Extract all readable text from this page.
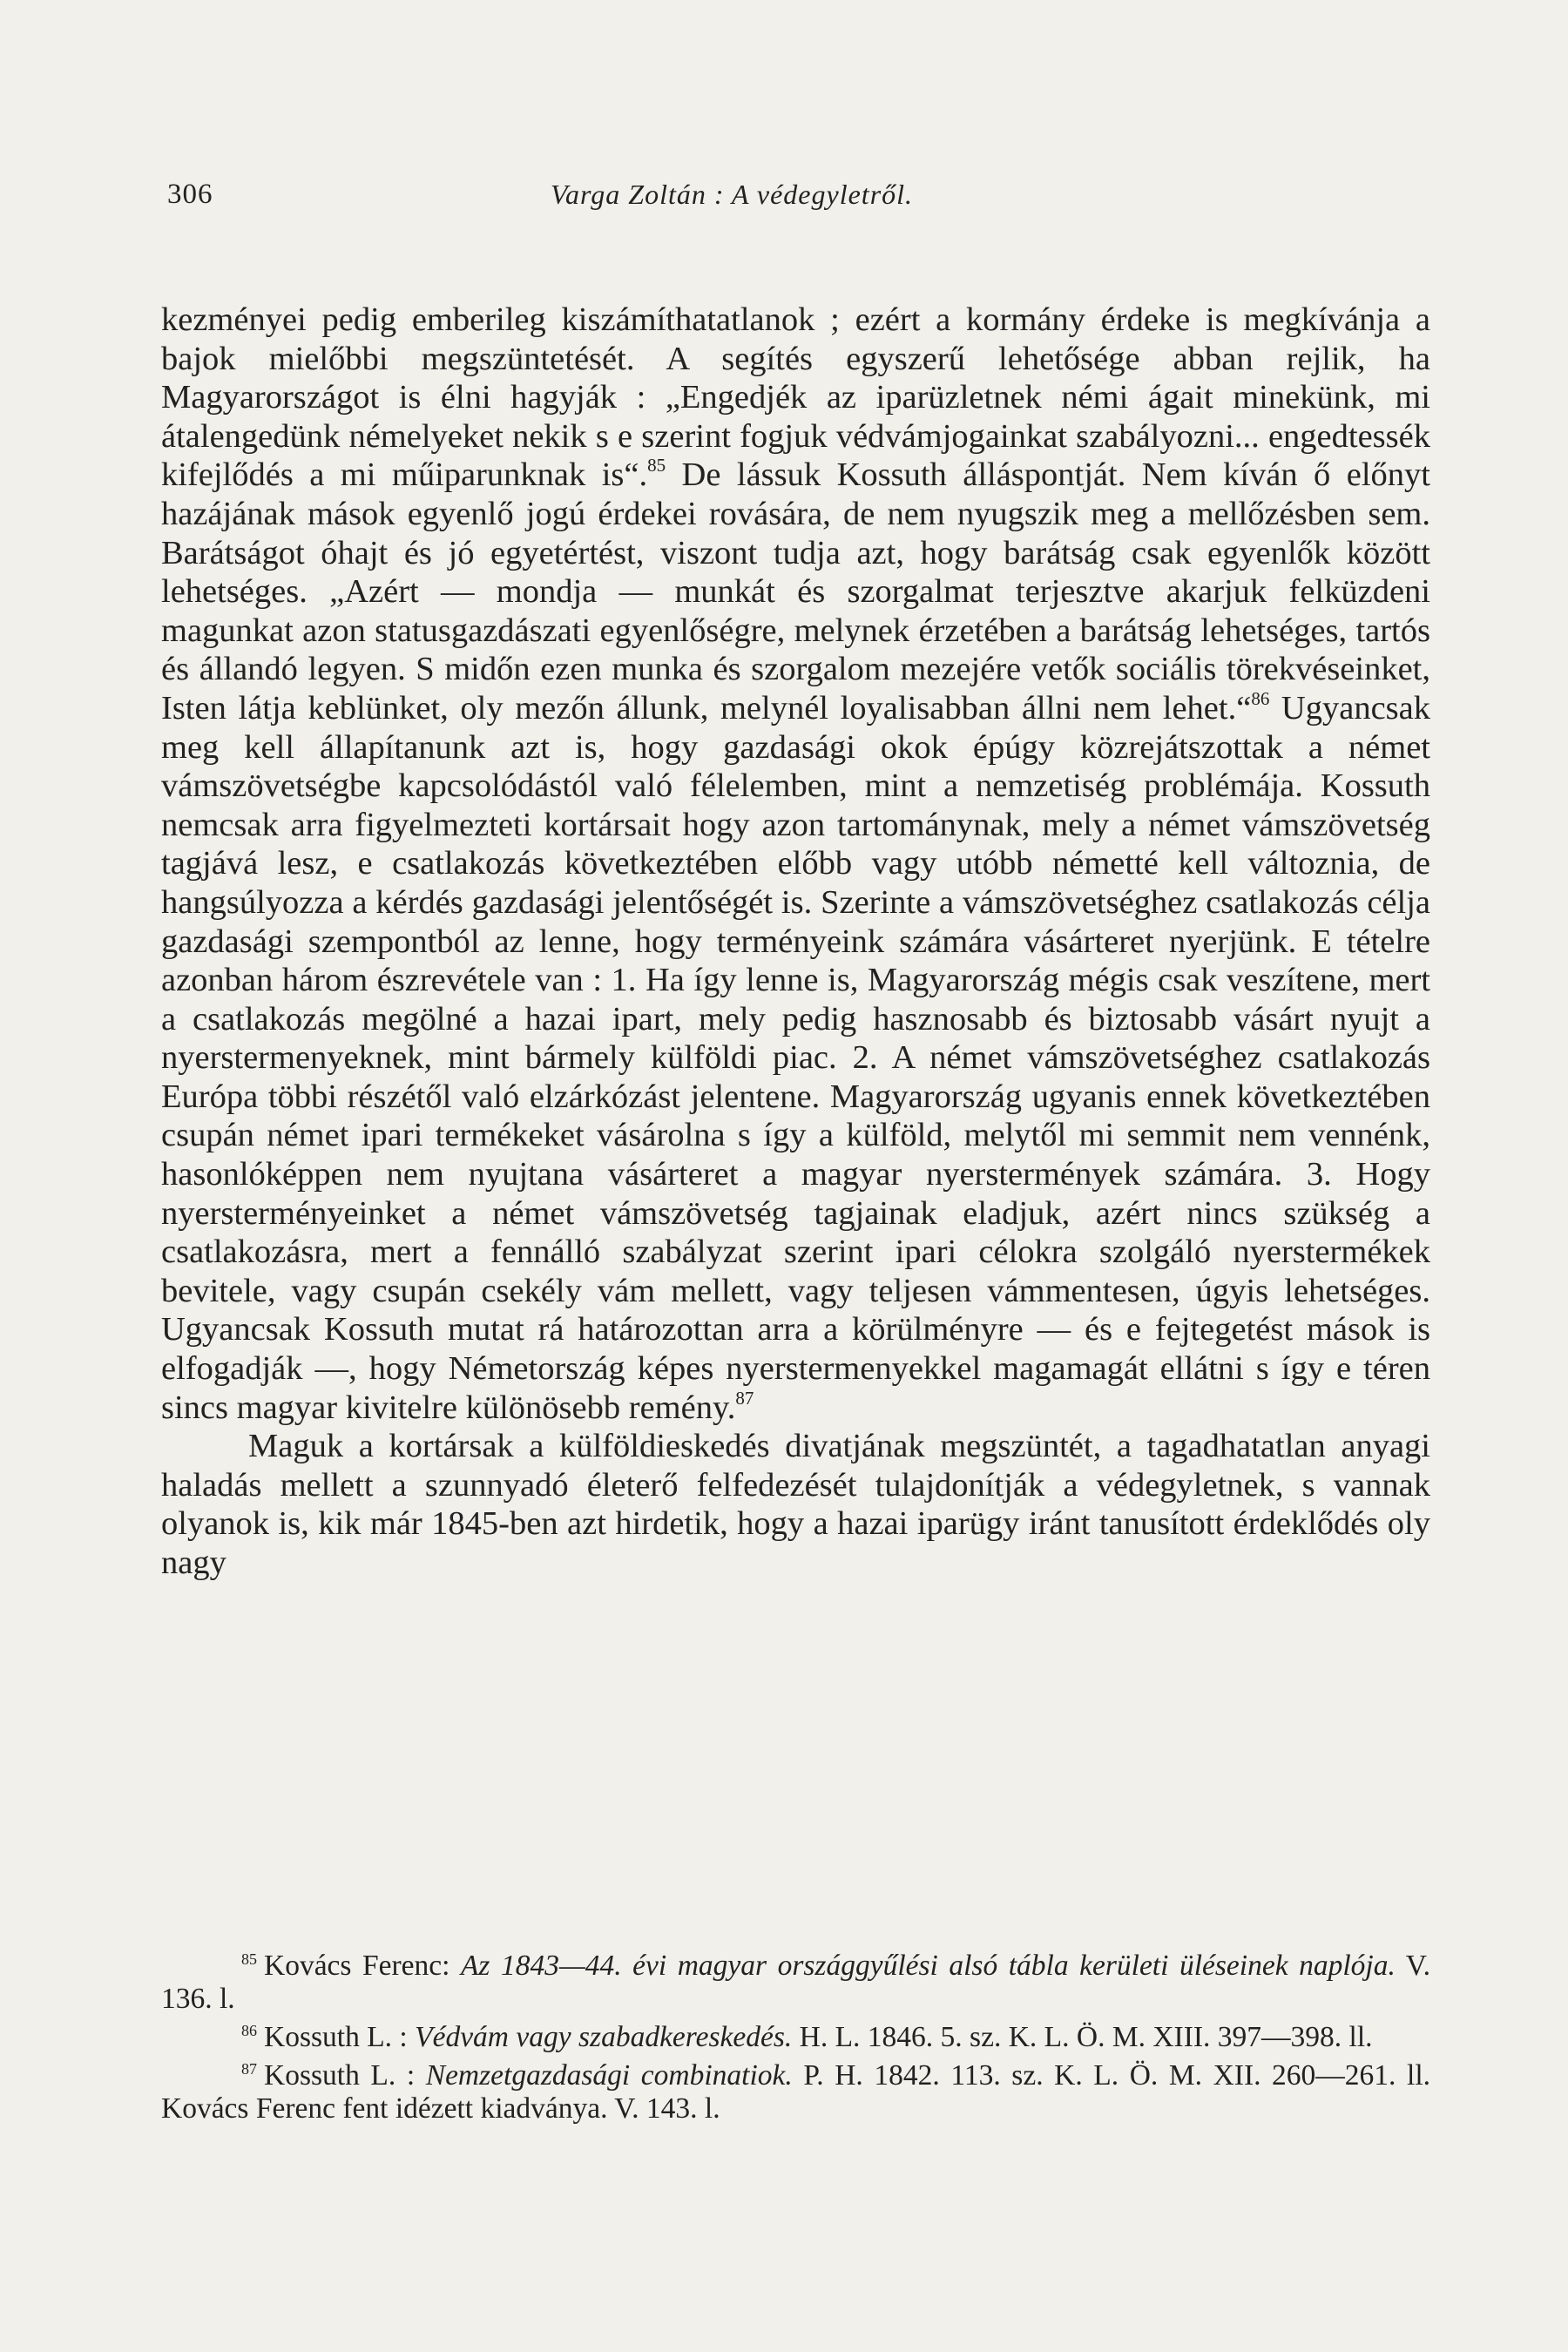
306	Varga Zoltán : A védegyletről.

kezményei pedig emberileg kiszámíthatatlanok ; ezért a kormány érdeke is megkívánja a bajok mielőbbi megszüntetését. A segítés egyszerű lehetősége abban rejlik, ha Magyarországot is élni hagyják : „Engedjék az iparüzletnek némi ágait minekünk, mi átalengedünk némelyeket nekik s e szerint fogjuk védvámjogainkat szabályozni... engedtessék kifejlődés a mi műiparunknak is“.$^{85}$ De lássuk Kossuth álláspontját. Nem kíván ő előnyt hazájának mások egyenlő jogú érdekei rovására, de nem nyugszik meg a mellőzésben sem. Barátságot óhajt és jó egyetértést, viszont tudja azt, hogy barátság csak egyenlők között lehetséges. „Azért — mondja — munkát és szorgalmat terjesztve akarjuk felküzdeni magunkat azon statusgazdászati egyenlőségre, melynek érzetében a barátság lehetséges, tartós és állandó legyen. S midőn ezen munka és szorgalom mezejére vetők sociális törekvéseinket, Isten látja keblünket, oly mezőn állunk, melynél loyalisabban állni nem lehet.“$^{86}$ Ugyancsak meg kell állapítanunk azt is, hogy gazdasági okok épúgy közrejátszottak a német vámszövetségbe kapcsolódástól való félelemben, mint a nemzetiség problémája. Kossuth nemcsak arra figyelmezteti kortársait hogy azon tartománynak, mely a német vámszövetség tagjává lesz, e csatlakozás következtében előbb vagy utóbb németté kell változnia, de hangsúlyozza a kérdés gazdasági jelentőségét is. Szerinte a vámszövetséghez csatlakozás célja gazdasági szempontból az lenne, hogy terményeink számára vásárteret nyerjünk. E tételre azonban három észrevétele van : 1. Ha így lenne is, Magyarország mégis csak veszítene, mert a csatlakozás megölné a hazai ipart, mely pedig hasznosabb és biztosabb vásárt nyujt a nyerstermenyeknek, mint bármely külföldi piac. 2. A német vámszövetséghez csatlakozás Európa többi részétől való elzárkózást jelentene. Magyarország ugyanis ennek következtében csupán német ipari termékeket vásárolna s így a külföld, melytől mi semmit nem vennénk, hasonlóképpen nem nyujtana vásárteret a magyar nyerstermények számára. 3. Hogy nyersterményeinket a német vámszövetség tagjainak eladjuk, azért nincs szükség a csatlakozásra, mert a fennálló szabályzat szerint ipari célokra szolgáló nyerstermékek bevitele, vagy csupán csekély vám mellett, vagy teljesen vámmentesen, úgyis lehetséges. Ugyancsak Kossuth mutat rá határozottan arra a körülményre — és e fejtegetést mások is elfogadják —, hogy Németország képes nyerstermenyekkel magamagát ellátni s így e téren sincs magyar kivitelre különösebb remény.$^{87}$

Maguk a kortársak a külföldieskedés divatjának megszüntét, a tagadhatatlan anyagi haladás mellett a szunnyadó életerő felfedezését tulajdonítják a védegyletnek, s vannak olyanok is, kik már 1845-ben azt hirdetik, hogy a hazai iparügy iránt tanusított érdeklődés oly nagy

$^{85}$ Kovács Ferenc: Az 1843—44. évi magyar országgyűlési alsó tábla kerületi üléseinek naplója. V. 136. l.

$^{86}$ Kossuth L. : Védvám vagy szabadkereskedés. H. L. 1846. 5. sz. K. L. Ö. M. XIII. 397—398. ll.

$^{87}$ Kossuth L. : Nemzetgazdasági combinatiok. P. H. 1842. 113. sz. K. L. Ö. M. XII. 260—261. ll. Kovács Ferenc fent idézett kiadványa. V. 143. l.
